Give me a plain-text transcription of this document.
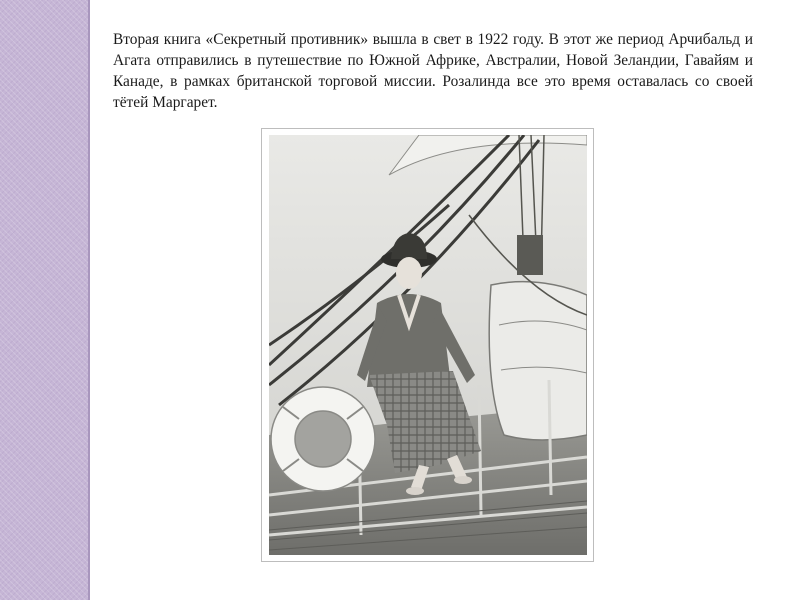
Вторая книга «Секретный противник» вышла в свет в 1922 году. В этот же период Арчибальд и Агата отправились в путешествие по Южной Африке, Австралии, Новой Зеландии, Гавайям и Канаде, в рамках британской торговой миссии. Розалинда все это время оставалась со своей тётей Маргарет.
